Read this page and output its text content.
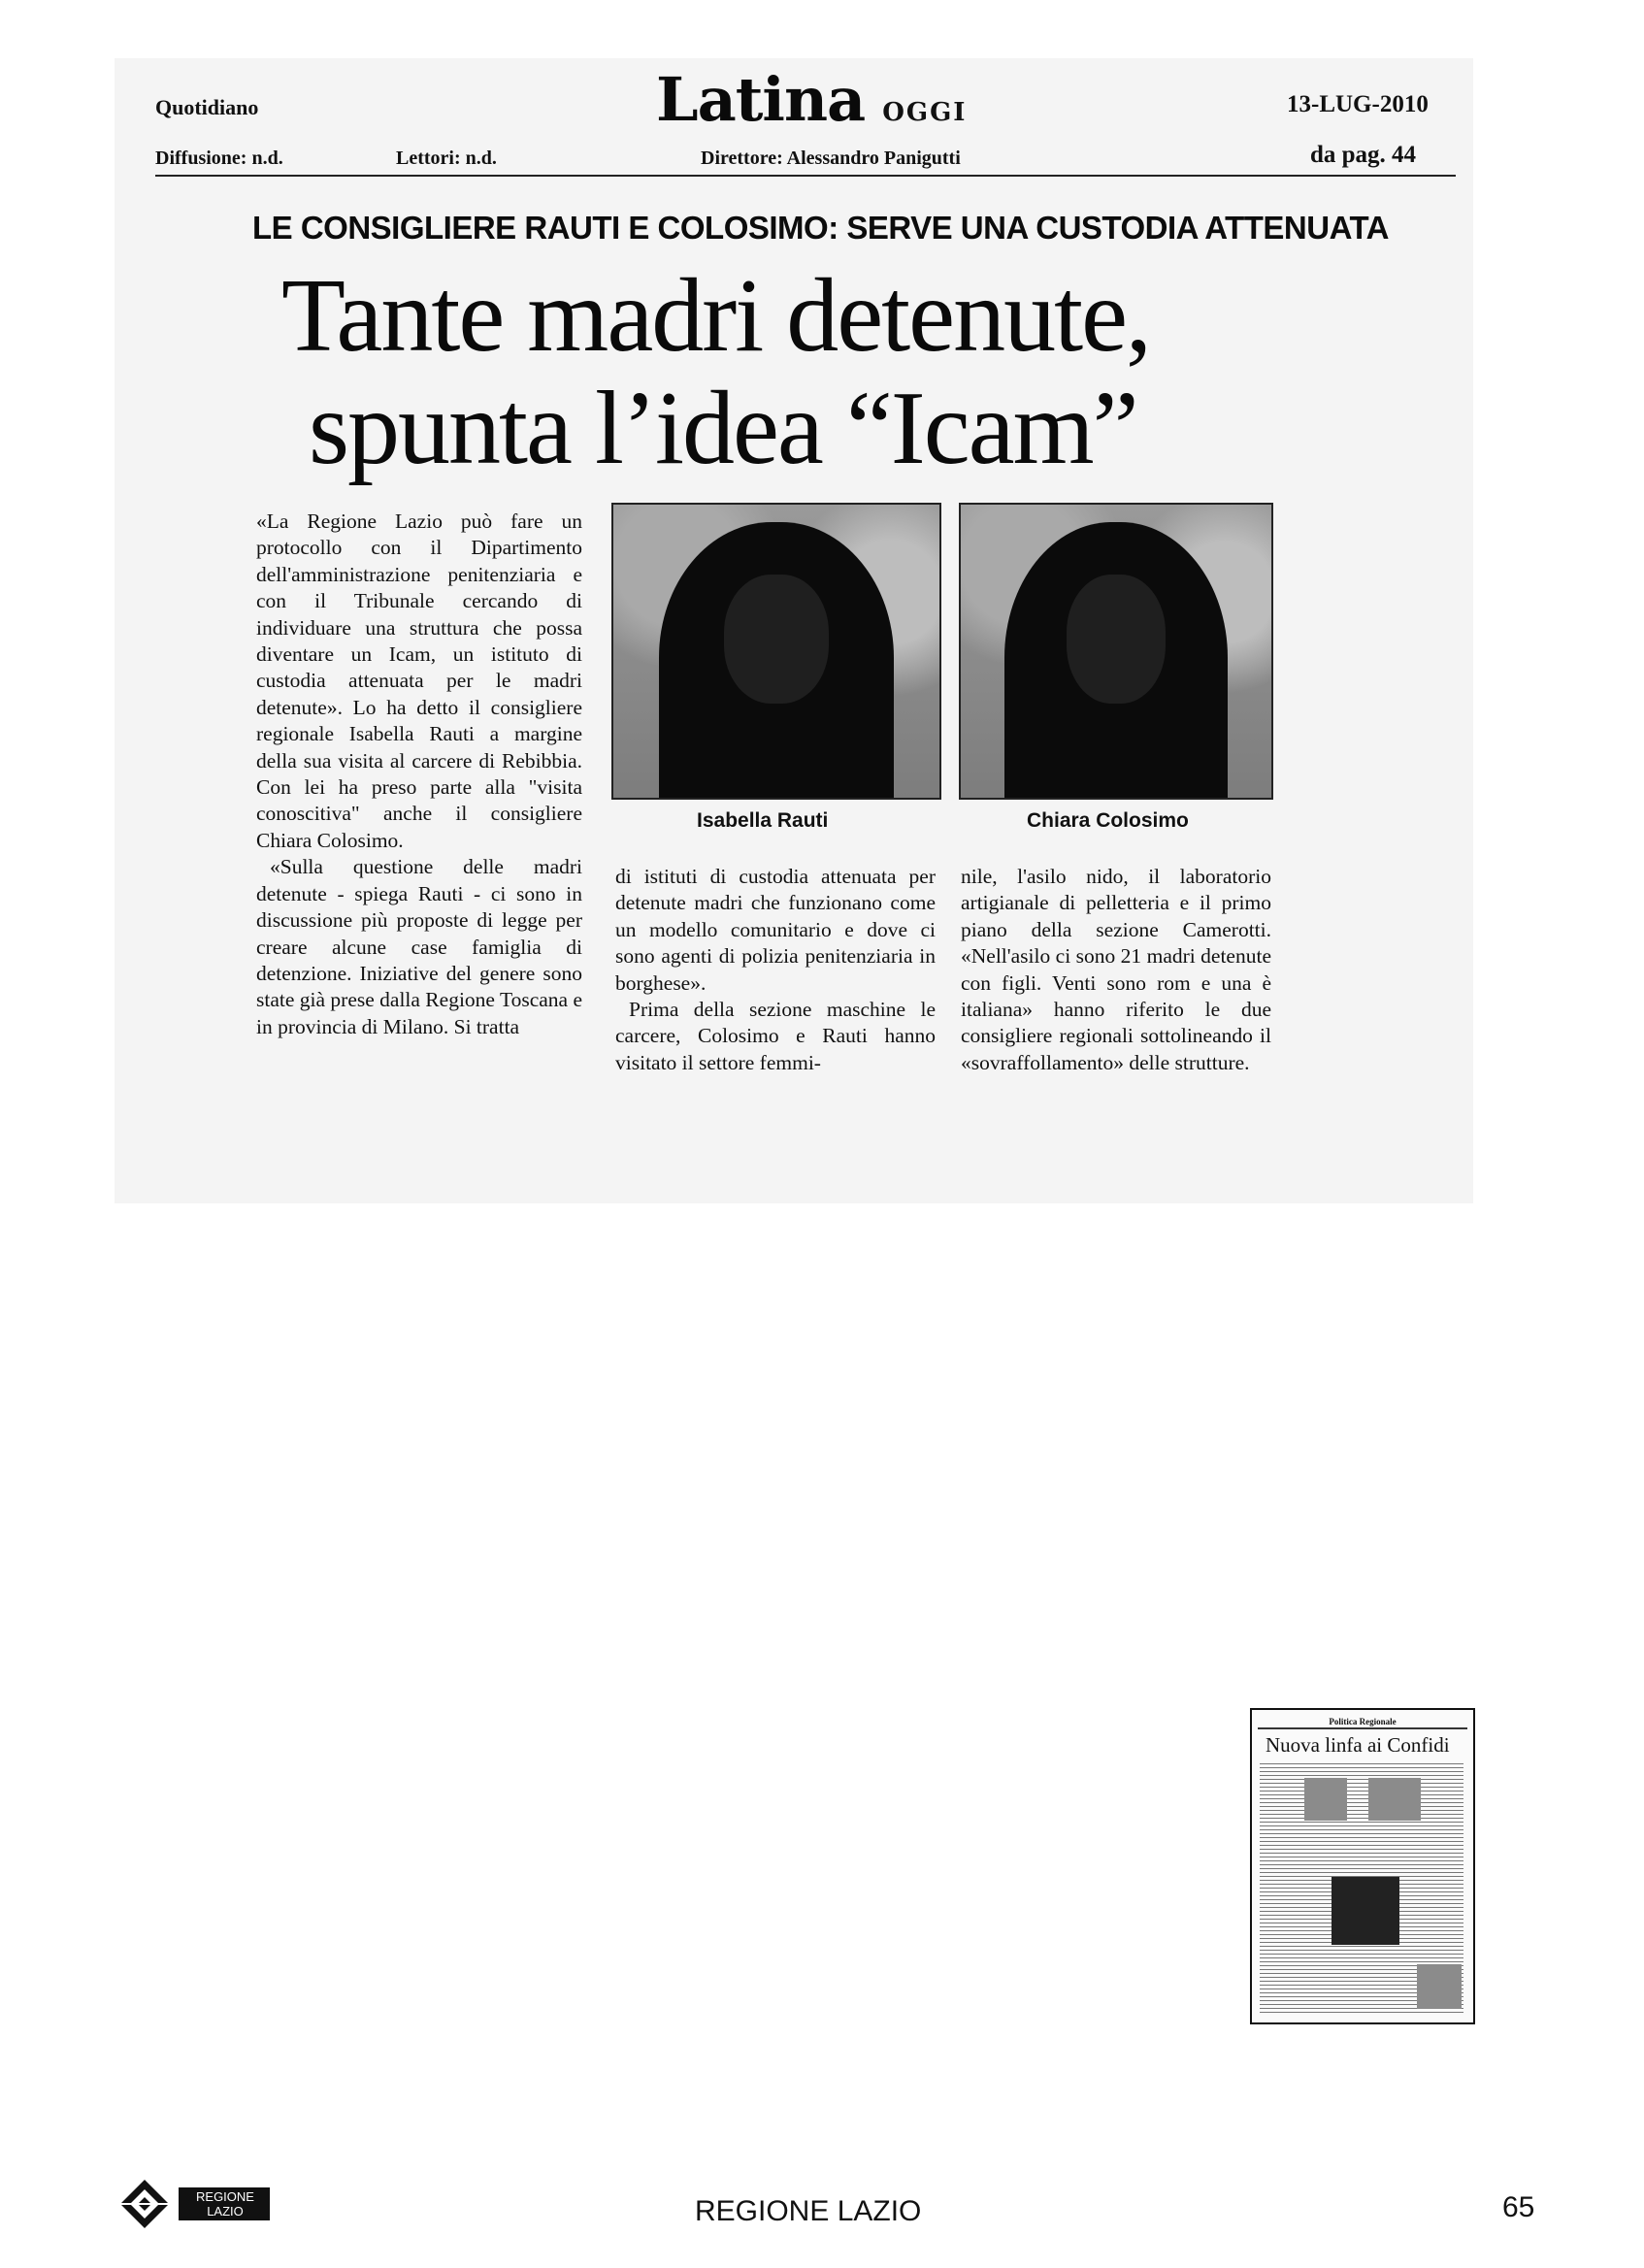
Quotidiano	Latina OGGI	13-LUG-2010
Diffusione: n.d.	Lettori: n.d.	Direttore: Alessandro Panigutti	da pag. 44
LE CONSIGLIERE RAUTI E COLOSIMO: SERVE UNA CUSTODIA ATTENUATA
Tante madri detenute,
spunta l’idea “Icam”
Isabella Rauti	Chiara Colosimo

«La Regione Lazio può fare un protocollo con il Dipartimento dell'amministrazione penitenziaria e con il Tribunale cercando di individuare una struttura che possa diventare un Icam, un istituto di custodia attenuata per le madri detenute». Lo ha detto il consigliere regionale Isabella Rauti a margine della sua visita al carcere di Rebibbia. Con lei ha preso parte alla "visita conoscitiva" anche il consigliere Chiara Colosimo.

«Sulla questione delle madri detenute - spiega Rauti - ci sono in discussione più proposte di legge per creare alcune case famiglia di detenzione. Iniziative del genere sono state già prese dalla Regione Toscana e in provincia di Milano. Si tratta

di istituti di custodia attenuata per detenute madri che funzionano come un modello comunitario e dove ci sono agenti di polizia penitenziaria in borghese».

Prima della sezione maschine le carcere, Colosimo e Rauti hanno visitato il settore femmi-

nile, l'asilo nido, il laboratorio artigianale di pelletteria e il primo piano della sezione Camerotti. «Nell'asilo ci sono 21 madri detenute con figli. Venti sono rom e una è italiana» hanno riferito le due consigliere regionali sottolineando il «sovraffollamento» delle strutture.

Politica Regionale
Nuova linfa ai Confidi
REGIONE
LAZIO	REGIONE LAZIO	65
